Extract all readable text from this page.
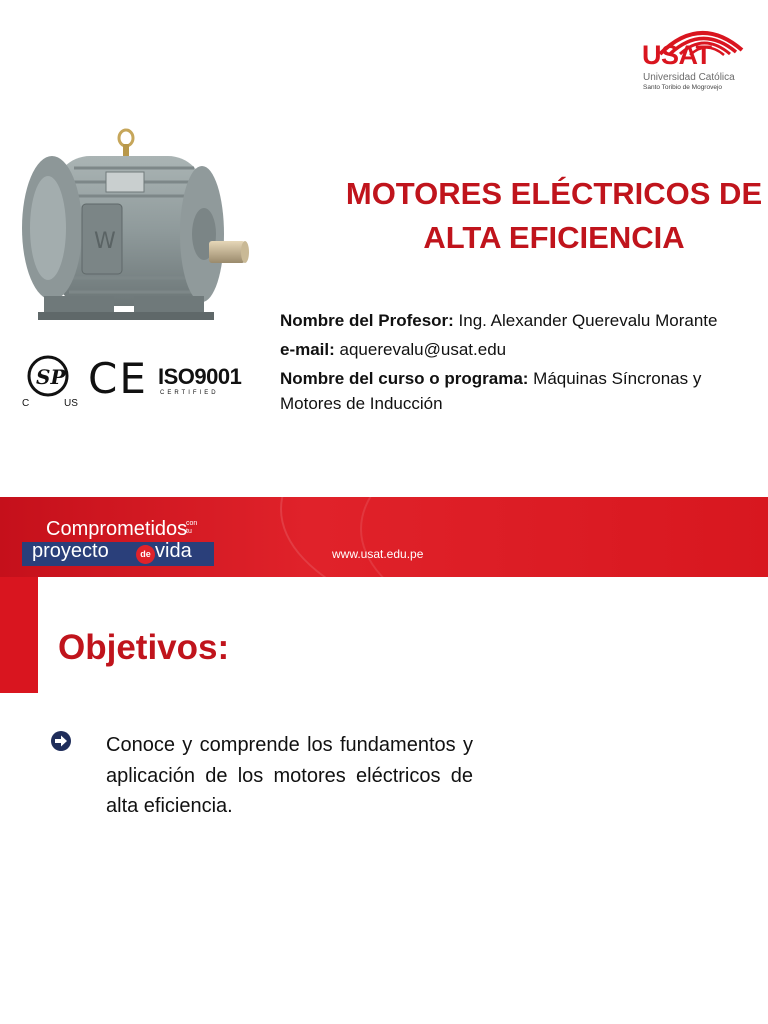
USAT
Universidad Católica
Santo Toribio de Mogrovejo
W
SP
C	US
CE ISO9001
CERTIFIED
MOTORES ELÉCTRICOS DE
ALTA EFICIENCIA

Nombre del Profesor: Ing. Alexander Querevalu Morante

e-mail: aquerevalu@usat.edu

Nombre del curso o programa: Máquinas Síncronas y Motores de Inducción

Comprometidos
con
tu
proyecto	de vida	www.usat.edu.pe
Objetivos:
Conoce y comprende los fundamentos y aplicación de los motores eléctricos de alta eficiencia.
